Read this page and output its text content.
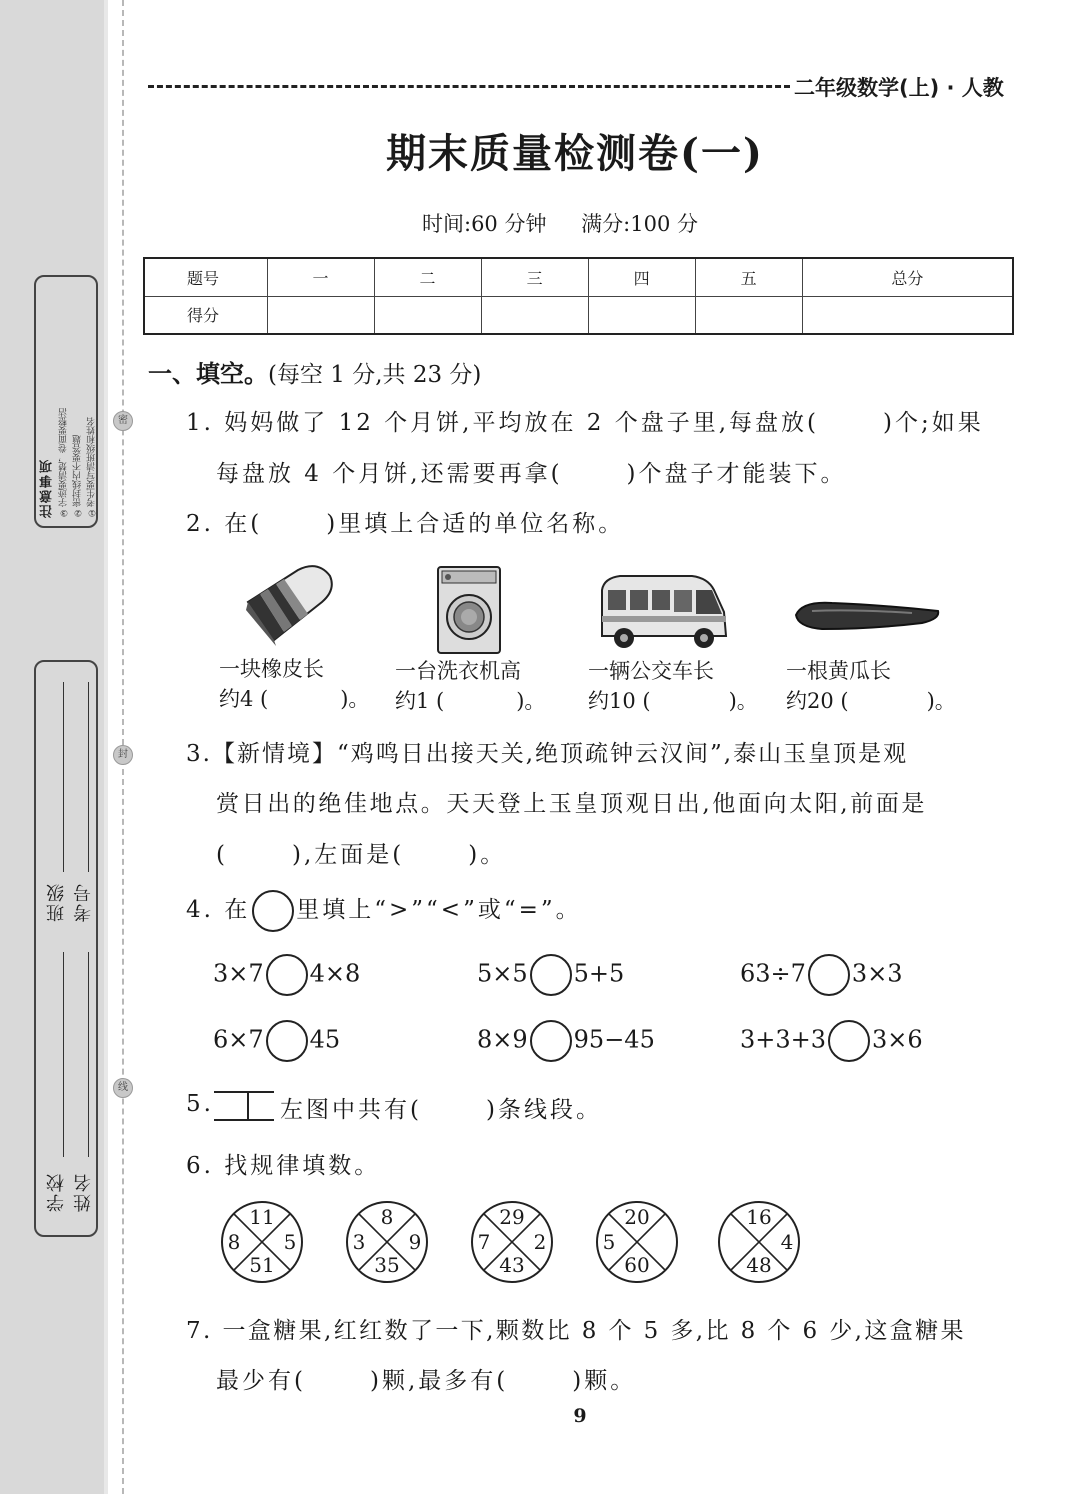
①考生要写清班级和姓名
②密封线内不要答题
③字迹要清楚，卷面要整洁
注意事项
密
封
线
班级 考号
学校 姓名
二年级数学(上) · 人教
期末质量检测卷(一)
时间:60 分钟 满分:100 分
题号	一	二	三	四	五	总分
得分						
一、填空。(每空 1 分,共 23 分)
1. 妈妈做了 12 个月饼,平均放在 2 个盘子里,每盘放(	)个;如果
每盘放 4 个月饼,还需要再拿(	)个盘子才能装下。
2. 在(	)里填上合适的单位名称。
一块橡皮长
约4 (	)。
一台洗衣机高
约1 (	)。
一辆公交车长
约10 (	)。
一根黄瓜长
约20 (	)。
3.【新情境】“鸡鸣日出接天关,绝顶疏钟云汉间”,泰山玉皇顶是观
赏日出的绝佳地点。天天登上玉皇顶观日出,他面向太阳,前面是
(	),左面是(	)。
4. 在 里填上“>”“<”或“=”。
3×7 4×8	5×5 5+5	63÷7 3×3
6×7 45	8×9 95−45	3+3+3 3×6
5.	左图中共有(	)条线段。
6. 找规律填数。
11
51
8 5
8
35
3 9
29
43
7 2
20
60
5
16
48
4
7. 一盒糖果,红红数了一下,颗数比 8 个 5 多,比 8 个 6 少,这盒糖果
最少有(	)颗,最多有(	)颗。
9
